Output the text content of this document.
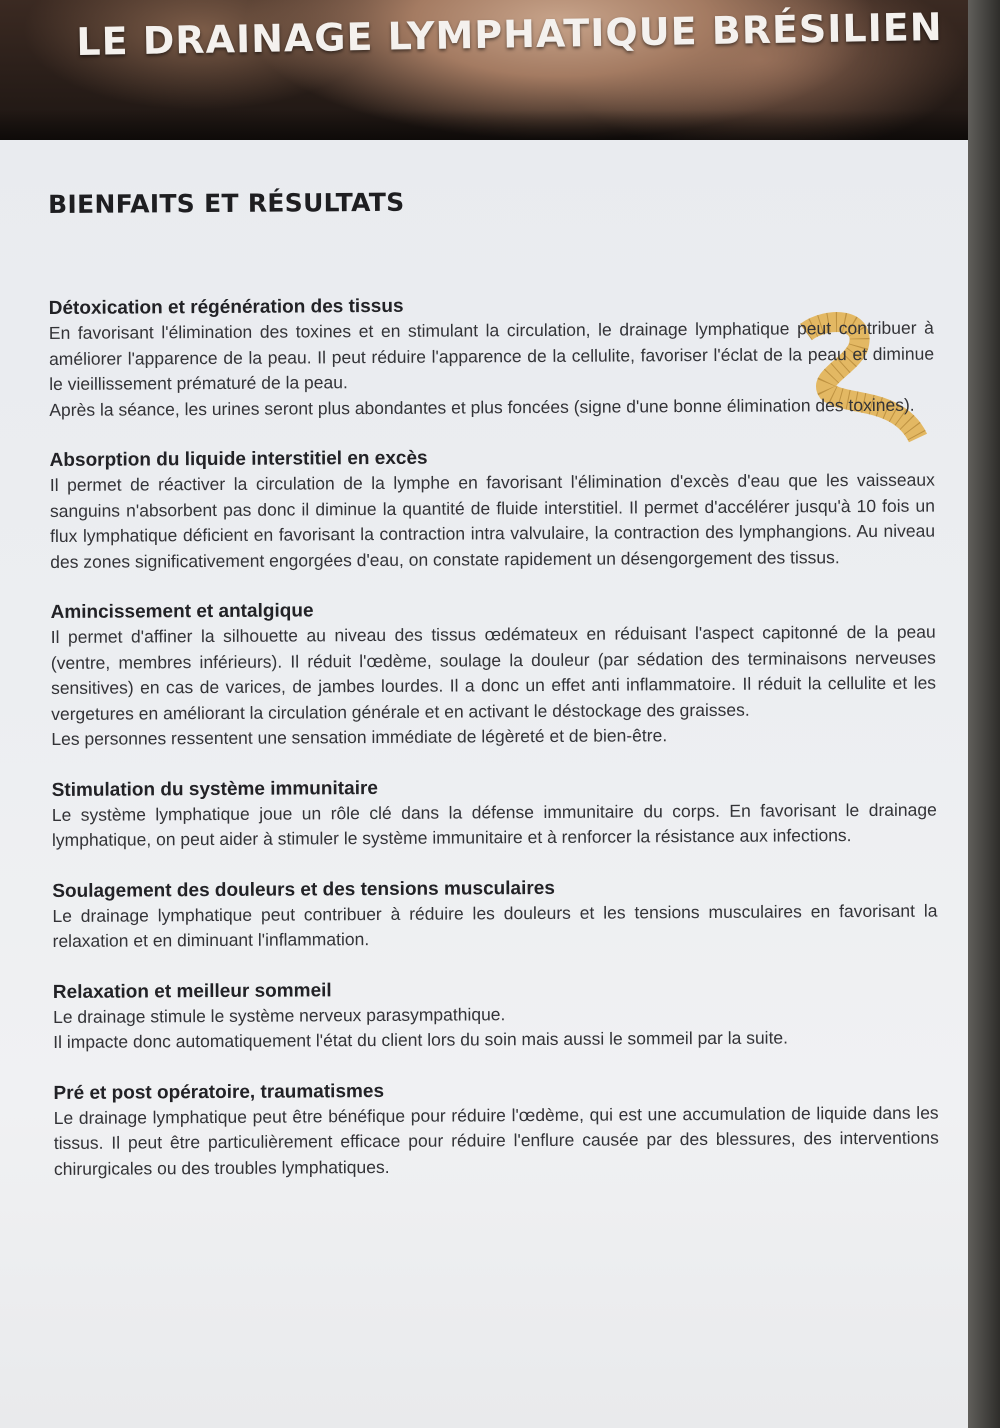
LE DRAINAGE LYMPHATIQUE BRÉSILIEN
BIENFAITS ET RÉSULTATS
Détoxication et régénération des tissus

En favorisant l'élimination des toxines et en stimulant la circulation, le drainage lymphatique peut contribuer à améliorer l'apparence de la peau. Il peut réduire l'apparence de la cellulite, favoriser l'éclat de la peau et diminue le vieillissement prématuré de la peau.

Après la séance, les urines seront plus abondantes et plus foncées (signe d'une bonne élimination des toxines).

Absorption du liquide interstitiel en excès

Il permet de réactiver la circulation de la lymphe en favorisant l'élimination d'excès d'eau que les vaisseaux sanguins n'absorbent pas donc il diminue la quantité de fluide interstitiel. Il permet d'accélérer jusqu'à 10 fois un flux lymphatique déficient en favorisant la contraction intra valvulaire, la contraction des lymphangions. Au niveau des zones significativement engorgées d'eau, on constate rapidement un désengorgement des tissus.

Amincissement et antalgique

Il permet d'affiner la silhouette au niveau des tissus œdémateux en réduisant l'aspect capitonné de la peau (ventre, membres inférieurs). Il réduit l'œdème, soulage la douleur (par sédation des terminaisons nerveuses sensitives) en cas de varices, de jambes lourdes. Il a donc un effet anti inflammatoire. Il réduit la cellulite et les vergetures en améliorant la circulation générale et en activant le déstockage des graisses.

Les personnes ressentent une sensation immédiate de légèreté et de bien-être.

Stimulation du système immunitaire

Le système lymphatique joue un rôle clé dans la défense immunitaire du corps. En favorisant le drainage lymphatique, on peut aider à stimuler le système immunitaire et à renforcer la résistance aux infections.

Soulagement des douleurs et des tensions musculaires

Le drainage lymphatique peut contribuer à réduire les douleurs et les tensions musculaires en favorisant la relaxation et en diminuant l'inflammation.

Relaxation et meilleur sommeil

Le drainage stimule le système nerveux parasympathique.

Il impacte donc automatiquement l'état du client lors du soin mais aussi le sommeil par la suite.

Pré et post opératoire, traumatismes

Le drainage lymphatique peut être bénéfique pour réduire l'œdème, qui est une accumulation de liquide dans les tissus. Il peut être particulièrement efficace pour réduire l'enflure causée par des blessures, des interventions chirurgicales ou des troubles lymphatiques.
